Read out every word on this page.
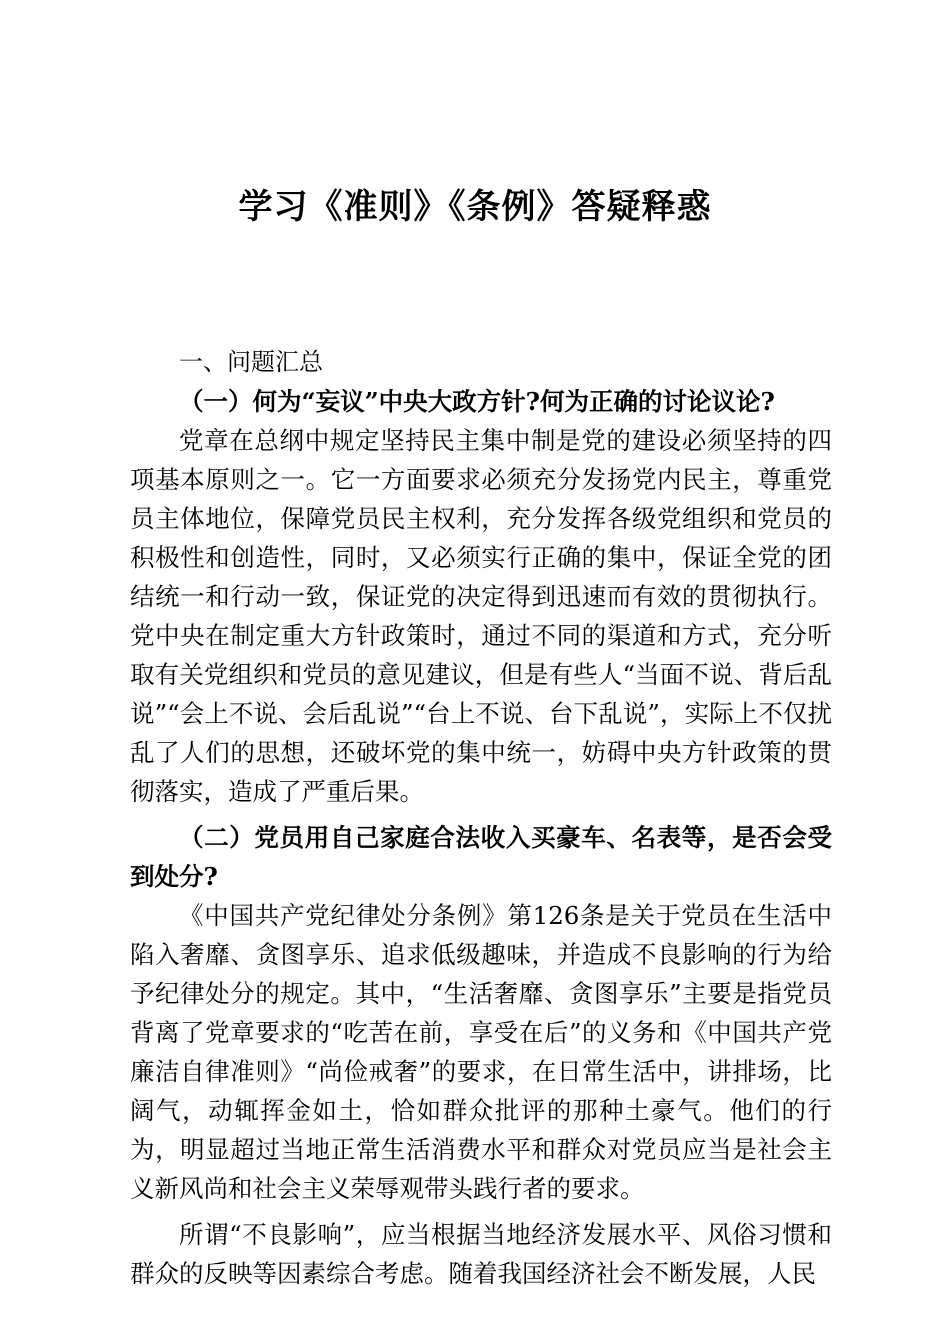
学习《准则》《条例》答疑释惑
一、问题汇总
（一）何为“妄议”中央大政方针?何为正确的讨论议论?

党章在总纲中规定坚持民主集中制是党的建设必须坚持的四项基本原则之一。它一方面要求必须充分发扬党内民主，尊重党员主体地位，保障党员民主权利，充分发挥各级党组织和党员的积极性和创造性，同时，又必须实行正确的集中，保证全党的团结统一和行动一致，保证党的决定得到迅速而有效的贯彻执行。党中央在制定重大方针政策时，通过不同的渠道和方式，充分听取有关党组织和党员的意见建议，但是有些人“当面不说、背后乱说”“会上不说、会后乱说”“台上不说、台下乱说”，实际上不仅扰乱了人们的思想，还破坏党的集中统一，妨碍中央方针政策的贯彻落实，造成了严重后果。

（二）党员用自己家庭合法收入买豪车、名表等，是否会受到处分?

《中国共产党纪律处分条例》第126条是关于党员在生活中陷入奢靡、贪图享乐、追求低级趣味，并造成不良影响的行为给予纪律处分的规定。其中，“生活奢靡、贪图享乐”主要是指党员背离了党章要求的“吃苦在前，享受在后”的义务和《中国共产党廉洁自律准则》“尚俭戒奢”的要求，在日常生活中，讲排场，比阔气，动辄挥金如土，恰如群众批评的那种土豪气。他们的行为，明显超过当地正常生活消费水平和群众对党员应当是社会主义新风尚和社会主义荣辱观带头践行者的要求。

所谓“不良影响”，应当根据当地经济发展水平、风俗习惯和群众的反映等因素综合考虑。随着我国经济社会不断发展，人民
